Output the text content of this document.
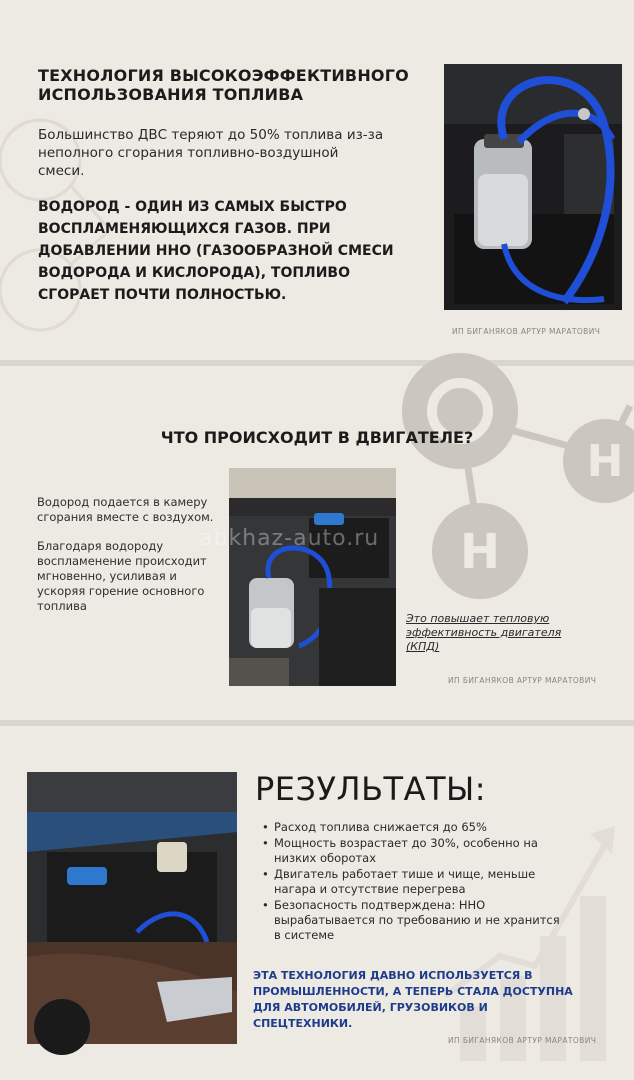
ТЕХНОЛОГИЯ ВЫСОКОЭФФЕКТИВНОГО ИСПОЛЬЗОВАНИЯ ТОПЛИВА
Большинство ДВС теряют до 50% топлива из-за неполного сгорания топливно-воздушной смеси.
ВОДОРОД - ОДИН ИЗ САМЫХ БЫСТРО ВОСПЛАМЕНЯЮЩИХСЯ ГАЗОВ. ПРИ ДОБАВЛЕНИИ ННО (ГАЗООБРАЗНОЙ СМЕСИ ВОДОРОДА И КИСЛОРОДА), ТОПЛИВО СГОРАЕТ ПОЧТИ ПОЛНОСТЬЮ.
ИП БИГАНЯКОВ АРТУР МАРАТОВИЧ
H
H
ЧТО ПРОИСХОДИТ В ДВИГАТЕЛЕ?
Водород подается в камеру сгорания вместе с воздухом.
Благодаря водороду воспламенение происходит мгновенно, усиливая и ускоряя горение основного топлива
abkhaz-auto.ru
Это повышает тепловую эффективность двигателя (КПД)
ИП БИГАНЯКОВ АРТУР МАРАТОВИЧ
РЕЗУЛЬТАТЫ:
• Расход топлива снижается до 65%
• Мощность возрастает до 30%, особенно на низких оборотах
• Двигатель работает тише и чище, меньше нагара и отсутствие перегрева
• Безопасность подтверждена: ННО вырабатывается по требованию и не хранится в системе
ЭТА ТЕХНОЛОГИЯ ДАВНО ИСПОЛЬЗУЕТСЯ В ПРОМЫШЛЕННОСТИ, А ТЕПЕРЬ СТАЛА ДОСТУПНА ДЛЯ АВТОМОБИЛЕЙ, ГРУЗОВИКОВ И СПЕЦТЕХНИКИ.
ИП БИГАНЯКОВ АРТУР МАРАТОВИЧ
